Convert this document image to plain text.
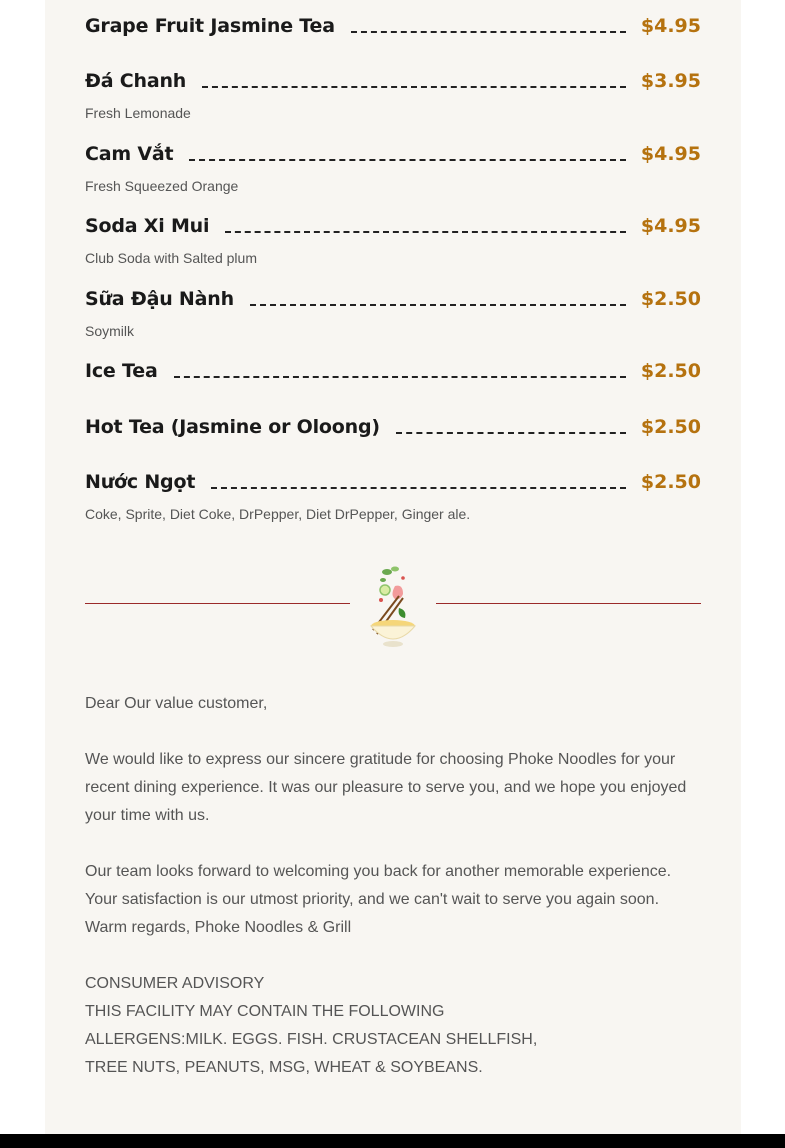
Grape Fruit Jasmine Tea	$4.95
Đá Chanh	$3.95
Fresh Lemonade
Cam Vắt	$4.95
Fresh Squeezed Orange
Soda Xi Mui	$4.95
Club Soda with Salted plum
Sữa Đậu Nành	$2.50
Soymilk
Ice Tea	$2.50
Hot Tea (Jasmine or Oloong)	$2.50
Nước Ngọt	$2.50
Coke, Sprite, Diet Coke, DrPepper, Diet DrPepper, Ginger ale.

Dear Our value customer,

We would like to express our sincere gratitude for choosing Phoke Noodles for your recent dining experience. It was our pleasure to serve you, and we hope you enjoyed your time with us.

Our team looks forward to welcoming you back for another memorable experience. Your satisfaction is our utmost priority, and we can't wait to serve you again soon.

Warm regards, Phoke Noodles & Grill

CONSUMER ADVISORY

THIS FACILITY MAY CONTAIN THE FOLLOWING

ALLERGENS:MILK. EGGS. FISH. CRUSTACEAN SHELLFISH,

TREE NUTS, PEANUTS, MSG, WHEAT & SOYBEANS.
